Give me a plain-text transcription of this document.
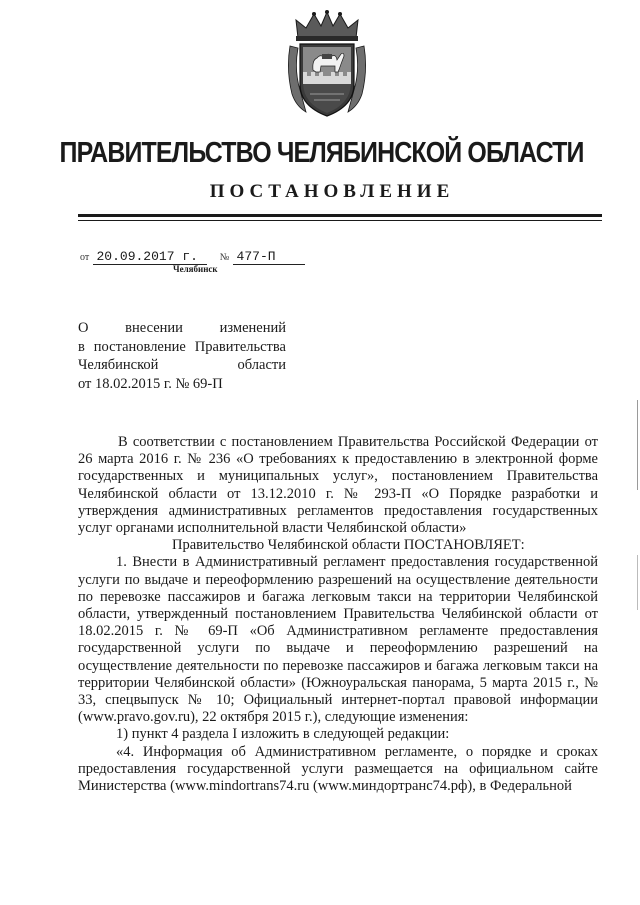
ПРАВИТЕЛЬСТВО ЧЕЛЯБИНСКОЙ ОБЛАСТИ
ПОСТАНОВЛЕНИЕ
от 20.09.2017 г. № 477-П
Челябинск
О внесении изменений
в постановление Правительства
Челябинской области
от 18.02.2015 г. № 69-П

В соответствии с постановлением Правительства Российской Федерации от 26 марта 2016 г. № 236 «О требованиях к предоставлению в электронной форме государственных и муниципальных услуг», постановлением Правительства Челябинской области от 13.12.2010 г. № 293-П «О Порядке разработки и утверждения административных регламентов предоставления государственных услуг органами исполнительной власти Челябинской области»

Правительство Челябинской области ПОСТАНОВЛЯЕТ:

1. Внести в Административный регламент предоставления государственной услуги по выдаче и переоформлению разрешений на осуществление деятельности по перевозке пассажиров и багажа легковым такси на территории Челябинской области, утвержденный постановлением Правительства Челябинской области от 18.02.2015 г. № 69-П «Об Административном регламенте предоставления государственной услуги по выдаче и переоформлению разрешений на осуществление деятельности по перевозке пассажиров и багажа легковым такси на территории Челябинской области» (Южноуральская панорама, 5 марта 2015 г., № 33, спецвыпуск № 10; Официальный интернет-портал правовой информации (www.pravo.gov.ru), 22 октября 2015 г.), следующие изменения:

1) пункт 4 раздела I изложить в следующей редакции:

«4. Информация об Административном регламенте, о порядке и сроках предоставления государственной услуги размещается на официальном сайте Министерства (www.mindortrans74.ru (www.миндортранс74.рф), в Федеральной
